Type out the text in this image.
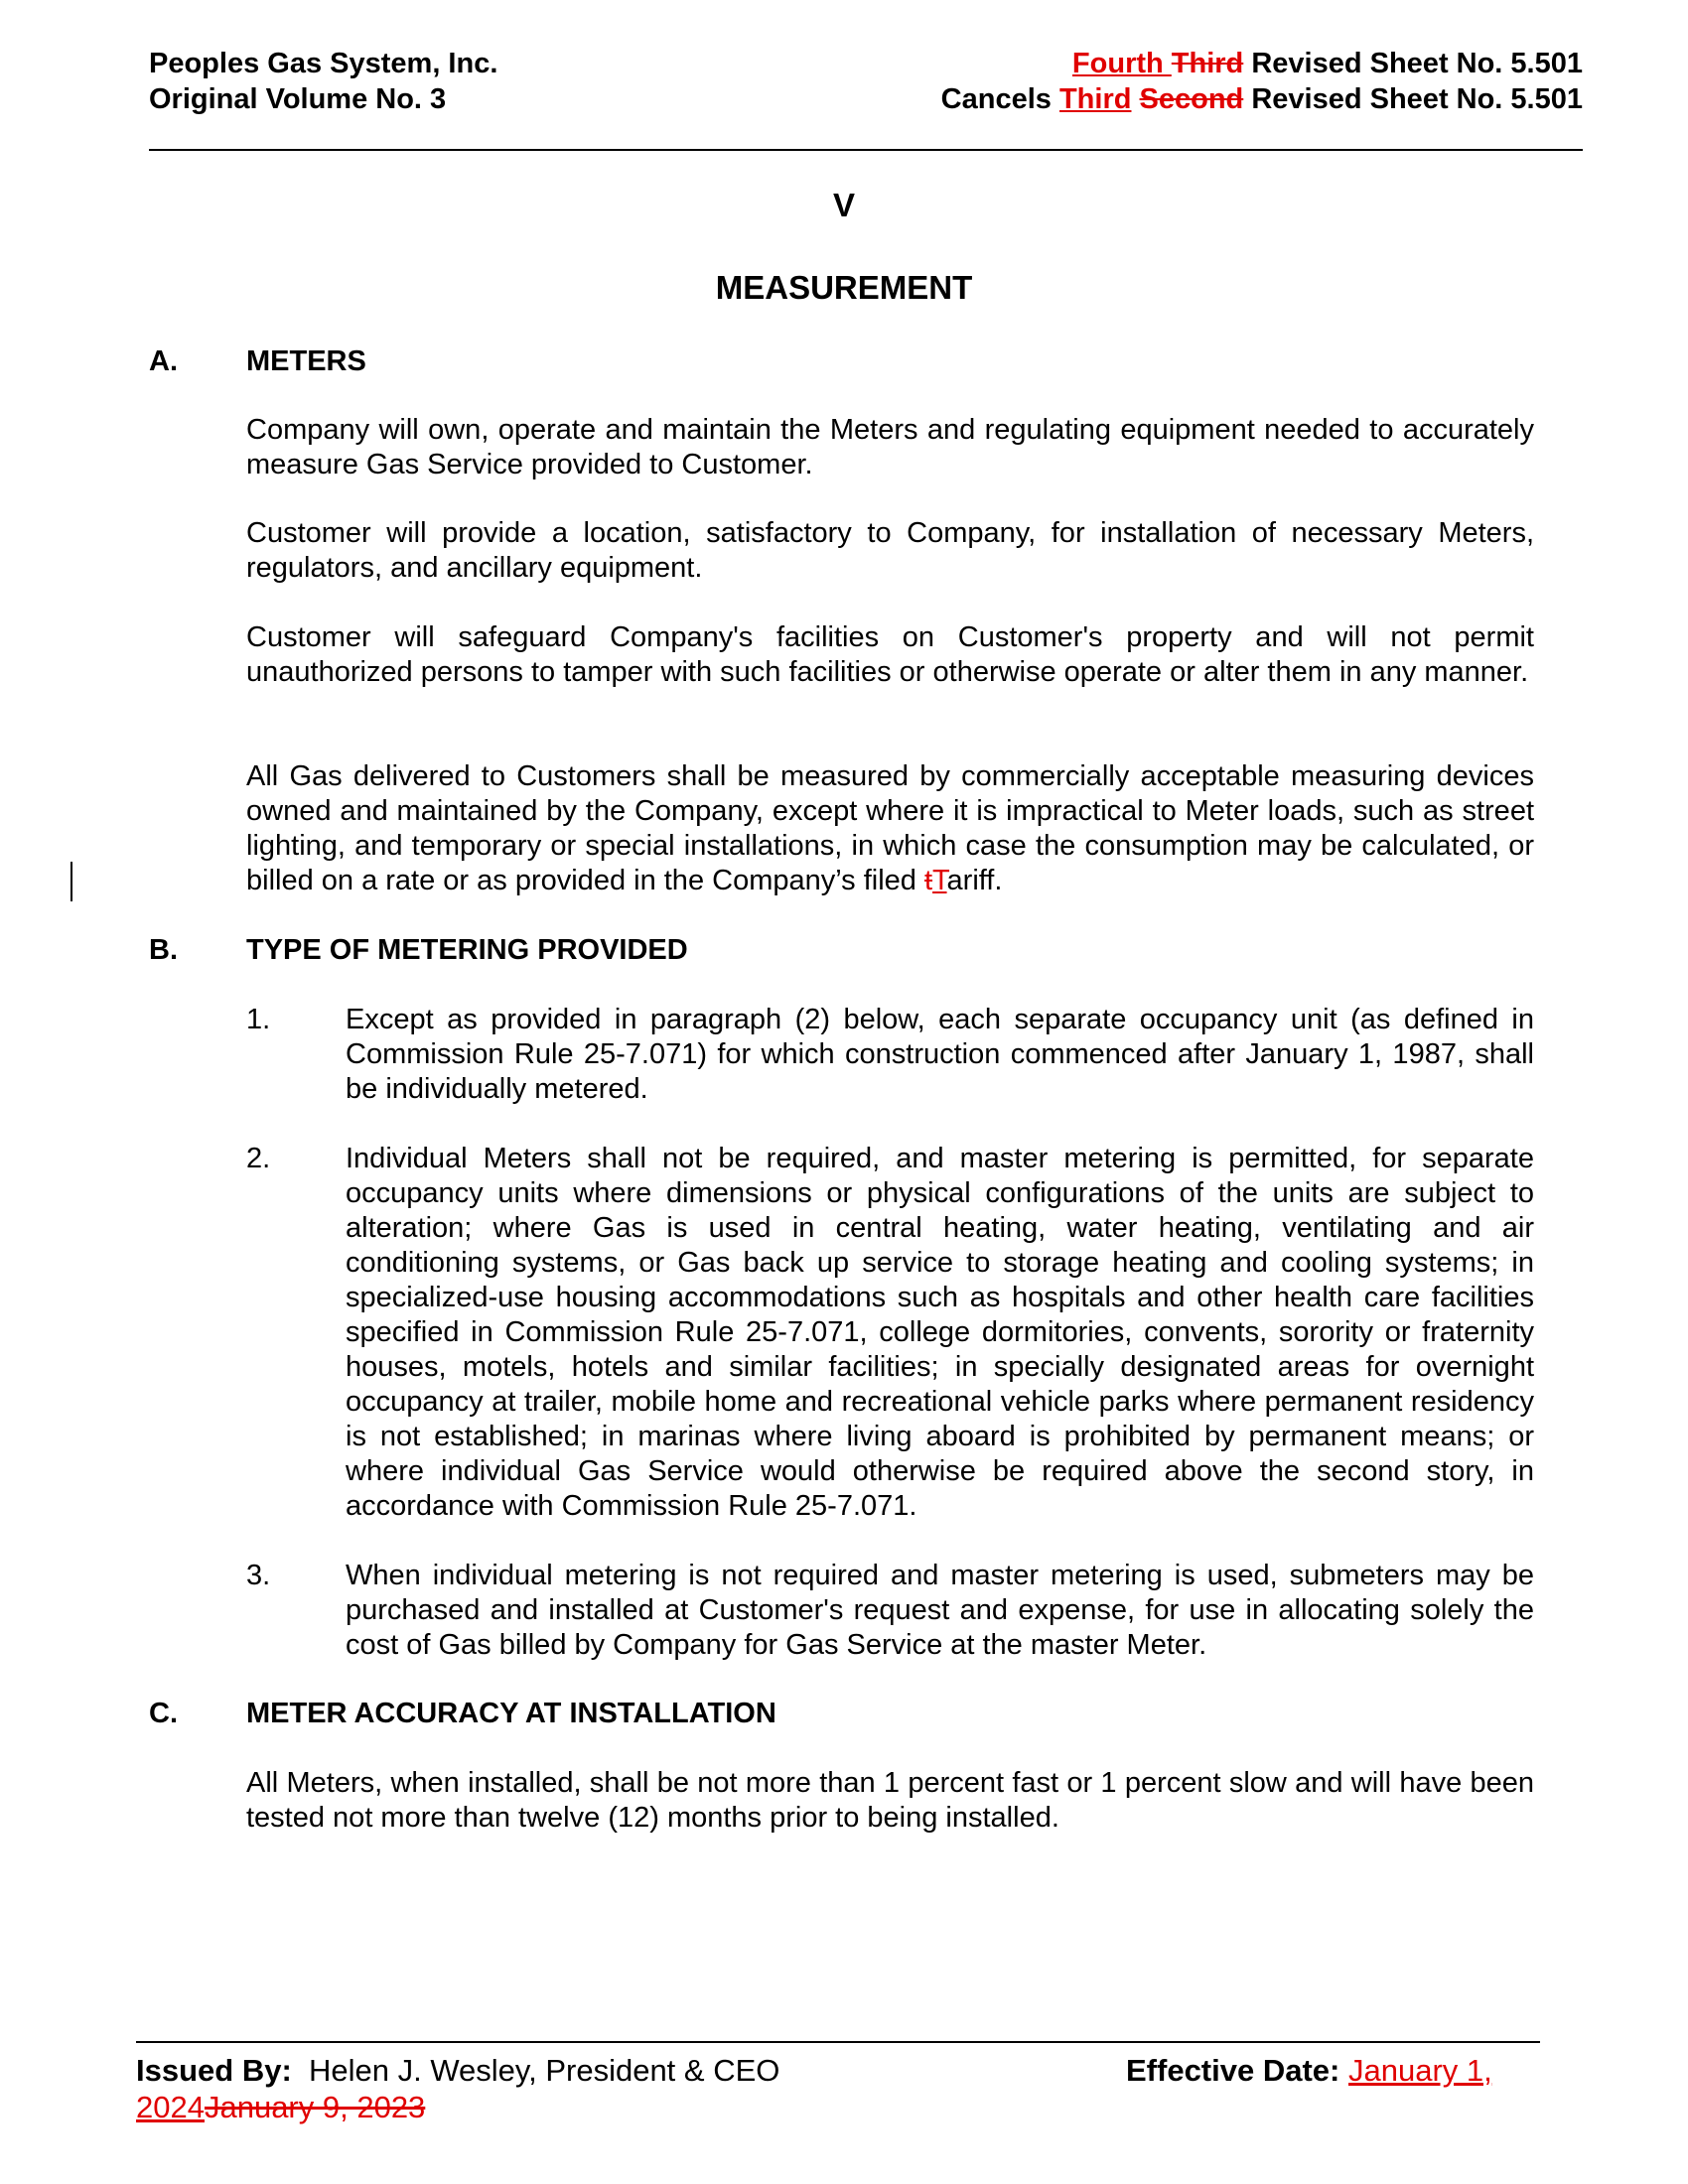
Peoples Gas System, Inc.
Original Volume No. 3
Fourth Third Revised Sheet No. 5.501
Cancels Third Second Revised Sheet No. 5.501
V
MEASUREMENT
A. METERS

Company will own, operate and maintain the Meters and regulating equipment needed to accurately measure Gas Service provided to Customer.

Customer will provide a location, satisfactory to Company, for installation of necessary Meters, regulators, and ancillary equipment.

Customer will safeguard Company's facilities on Customer's property and will not permit unauthorized persons to tamper with such facilities or otherwise operate or alter them in any manner.

All Gas delivered to Customers shall be measured by commercially acceptable measuring devices owned and maintained by the Company, except where it is impractical to Meter loads, such as street lighting, and temporary or special installations, in which case the consumption may be calculated, or billed on a rate or as provided in the Company’s filed tTariff.

B. TYPE OF METERING PROVIDED
1.	Except as provided in paragraph (2) below, each separate occupancy unit (as defined in Commission Rule 25-7.071) for which construction commenced after January 1, 1987, shall be individually metered.

2.	Individual Meters shall not be required, and master metering is permitted, for separate occupancy units where dimensions or physical configurations of the units are subject to alteration; where Gas is used in central heating, water heating, ventilating and air conditioning systems, or Gas back up service to storage heating and cooling systems; in specialized-use housing accommodations such as hospitals and other health care facilities specified in Commission Rule 25-7.071, college dormitories, convents, sorority or fraternity houses, motels, hotels and similar facilities; in specially designated areas for overnight occupancy at trailer, mobile home and recreational vehicle parks where permanent residency is not established; in marinas where living aboard is prohibited by permanent means; or where individual Gas Service would otherwise be required above the second story, in accordance with Commission Rule 25-7.071.

3.	When individual metering is not required and master metering is used, submeters may be purchased and installed at Customer's request and expense, for use in allocating solely the cost of Gas billed by Company for Gas Service at the master Meter.

C. METER ACCURACY AT INSTALLATION

All Meters, when installed, shall be not more than 1 percent fast or 1 percent slow and will have been tested not more than twelve (12) months prior to being installed.

Issued By:  Helen J. Wesley, President & CEO	Effective Date: January 1,
2024January 9, 2023
